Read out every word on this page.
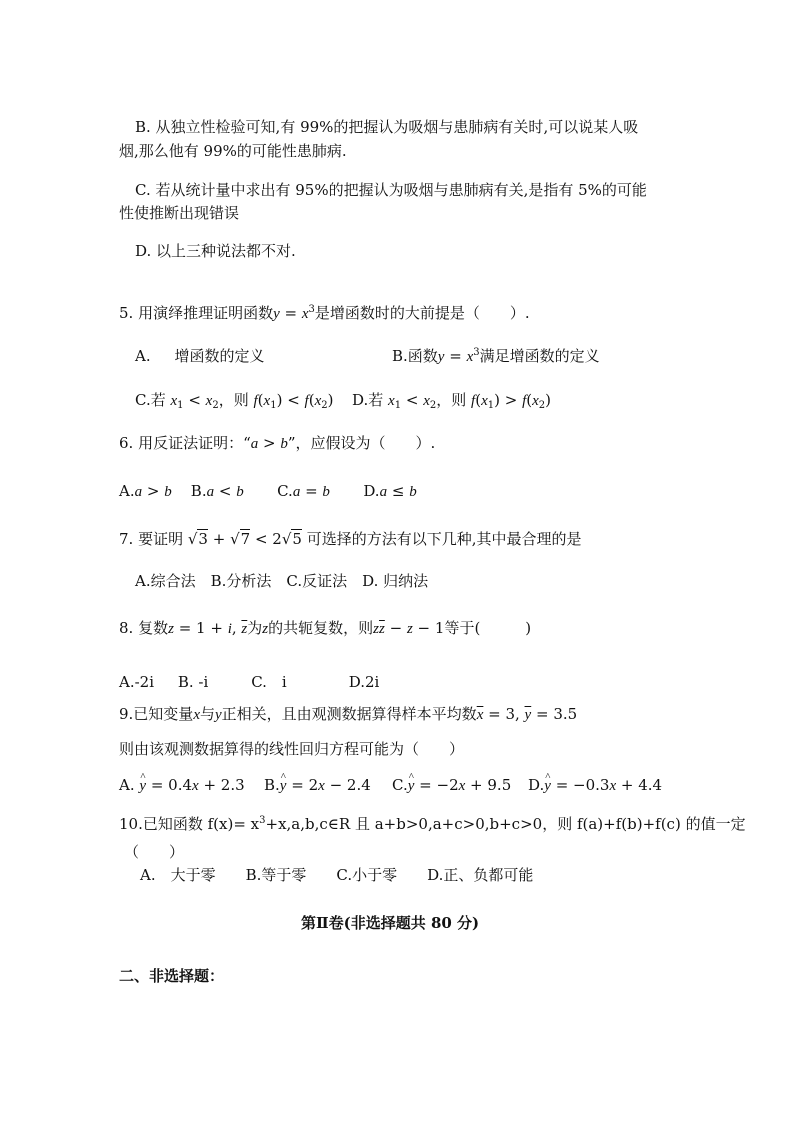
B. 从独立性检验可知,有 99%的把握认为吸烟与患肺病有关时,可以说某人吸
烟,那么他有 99%的可能性患肺病.
C. 若从统计量中求出有 95%的把握认为吸烟与患肺病有关,是指有 5%的可能
性使推断出现错误
D. 以上三种说法都不对.
5. 用演绎推理证明函数$y = x^3$是增函数时的大前提是（　　）.
A. 增函数的定义	B.函数$y = x^3$满足增函数的定义
C.若 $x_1 < x_2$，则 $f(x_1) < f(x_2)$ D.若 $x_1 < x_2$，则 $f(x_1) > f(x_2)$
6. 用反证法证明：“a > b”，应假设为（　　）.
A.a > b B.a < b C.a = b D.a ≤ b
7. 要证明 √3 + √7 < 2√5 可选择的方法有以下几种,其中最合理的是
A.综合法　B.分析法　C.反证法　D. 归纳法
8. 复数z = 1 + i, $\overline{z}$为z的共轭复数，则$z\overline{z} - z - 1$等于(　　　)
A.-2i B. -i	C.　i	D.2i
9.已知变量x与y正相关，且由观测数据算得样本平均数$\overline{x} = 3$, $\overline{y} = 3.5$
则由该观测数据算得的线性回归方程可能为（　　）
A. ^ y = 0.4x + 2.3 B.^ y = 2x − 2.4 C.^ y = −2x + 9.5 D.^ y = −0.3x + 4.4
10.已知函数 $f(x)= x^3+x,a,b,c\in R$ 且 a+b>0,a+c>0,b+c>0，则 f(a)+f(b)+f(c) 的值一定
（　　）
A.　大于零　　B.等于零　　C.小于零　　D.正、负都可能
第Ⅱ卷(非选择题共 80 分)
二、非选择题：
